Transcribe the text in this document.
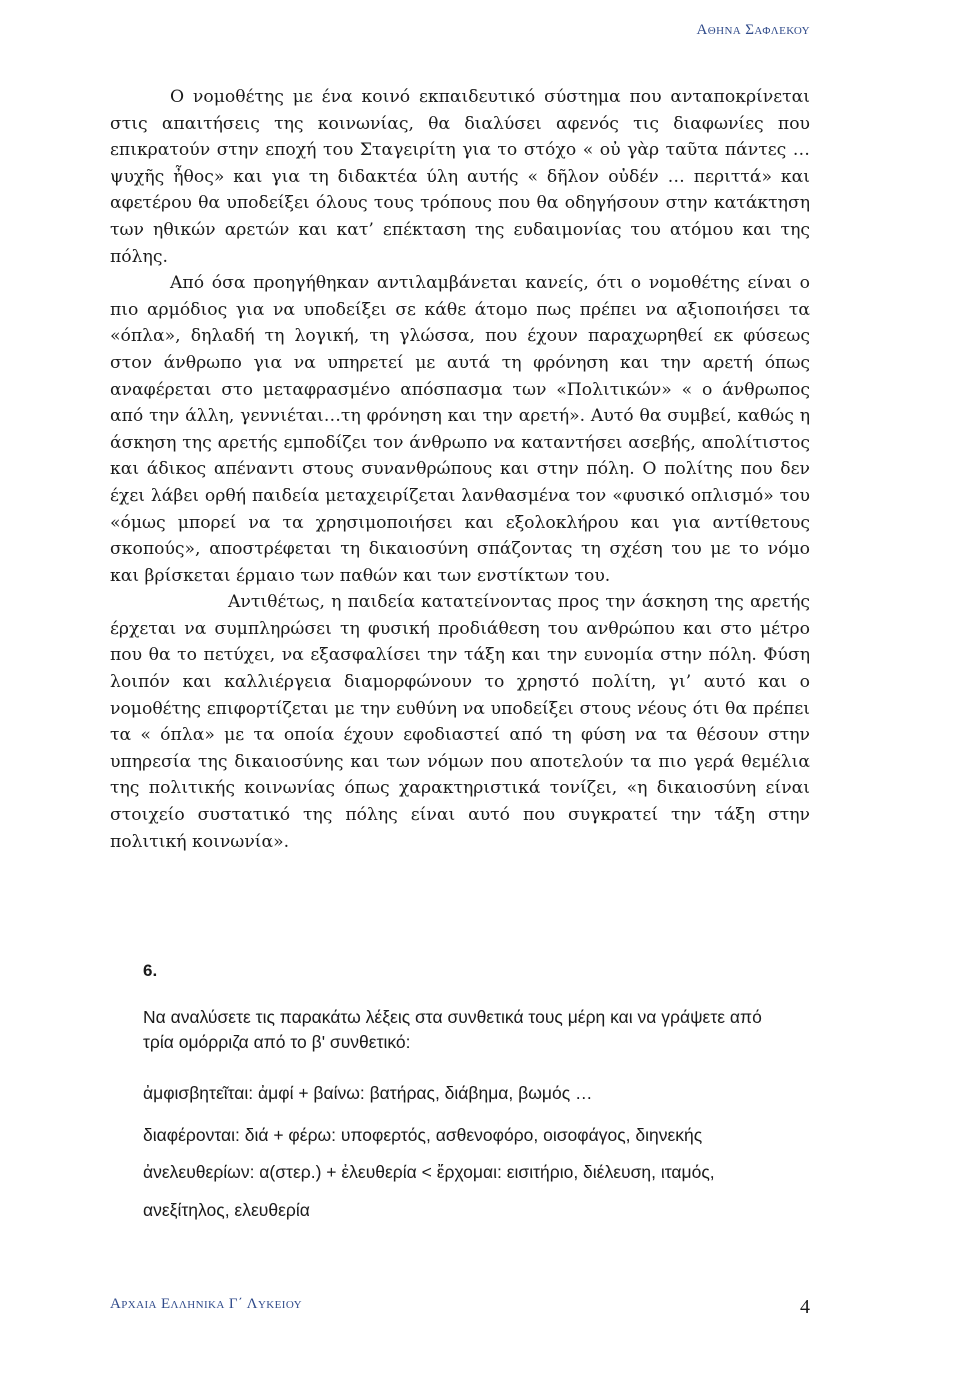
Αθηνα Σαφλεκου

Ο νομοθέτης με ένα κοινό εκπαιδευτικό σύστημα που ανταποκρίνεται στις απαιτήσεις της κοινωνίας, θα διαλύσει αφενός τις διαφωνίες που επικρατούν στην εποχή του Σταγειρίτη για το στόχο « οὐ γὰρ ταῦτα πάντες …ψυχῆς ἦθος» και για τη διδακτέα ύλη αυτής « δῆλον οὐδέν … περιττά» και αφετέρου θα υποδείξει όλους τους τρόπους που θα οδηγήσουν στην κατάκτηση των ηθικών αρετών και κατ’ επέκταση της ευδαιμονίας του ατόμου και της πόλης.

Από όσα προηγήθηκαν αντιλαμβάνεται κανείς, ότι ο νομοθέτης είναι ο πιο αρμόδιος για να υποδείξει σε κάθε άτομο πως πρέπει να αξιοποιήσει τα «όπλα», δηλαδή τη λογική, τη γλώσσα, που έχουν παραχωρηθεί εκ φύσεως στον άνθρωπο για να υπηρετεί με αυτά τη φρόνηση και την αρετή όπως αναφέρεται στο μεταφρασμένο απόσπασμα των «Πολιτικών» « ο άνθρωπος από την άλλη, γεννιέται…τη φρόνηση και την αρετή». Αυτό θα συμβεί, καθώς η άσκηση της αρετής εμποδίζει τον άνθρωπο να καταντήσει ασεβής, απολίτιστος και άδικος απέναντι στους συνανθρώπους και στην πόλη. Ο πολίτης που δεν έχει λάβει ορθή παιδεία μεταχειρίζεται λανθασμένα τον «φυσικό οπλισμό» του «όμως μπορεί να τα χρησιμοποιήσει και εξολοκλήρου και για αντίθετους σκοπούς», αποστρέφεται τη δικαιοσύνη σπάζοντας τη σχέση του με το νόμο και βρίσκεται έρμαιο των παθών και των ενστίκτων του.

Αντιθέτως, η παιδεία κατατείνοντας προς την άσκηση της αρετής έρχεται να συμπληρώσει τη φυσική προδιάθεση του ανθρώπου και στο μέτρο που θα το πετύχει, να εξασφαλίσει την τάξη και την ευνομία στην πόλη. Φύση λοιπόν και καλλιέργεια διαμορφώνουν το χρηστό πολίτη, γι’ αυτό και ο νομοθέτης επιφορτίζεται με την ευθύνη να υποδείξει στους νέους ότι θα πρέπει τα « όπλα» με τα οποία έχουν εφοδιαστεί από τη φύση να τα θέσουν στην υπηρεσία της δικαιοσύνης και των νόμων που αποτελούν τα πιο γερά θεμέλια της πολιτικής κοινωνίας όπως χαρακτηριστικά τονίζει, «η δικαιοσύνη είναι στοιχείο συστατικό της πόλης είναι αυτό που συγκρατεί την τάξη στην πολιτική κοινωνία».

6.
Να αναλύσετε τις παρακάτω λέξεις στα συνθετικά τους μέρη και να γράψετε από τρία ομόρριζα από το β' συνθετικό:
ἀμφισβητεῖται: ἀμφί + βαίνω: βατήρας, διάβημα, βωμός …
διαφέρονται: διά + φέρω: υποφερτός, ασθενοφόρο, οισοφάγος, διηνεκής
ἀνελευθερίων: α(στερ.) + ἐλευθερία < ἔρχομαι: εισιτήριο, διέλευση, ιταμός,
ανεξίτηλος, ελευθερία
Αρχαια Ελληνικα Γ΄ Λυκειου	4
